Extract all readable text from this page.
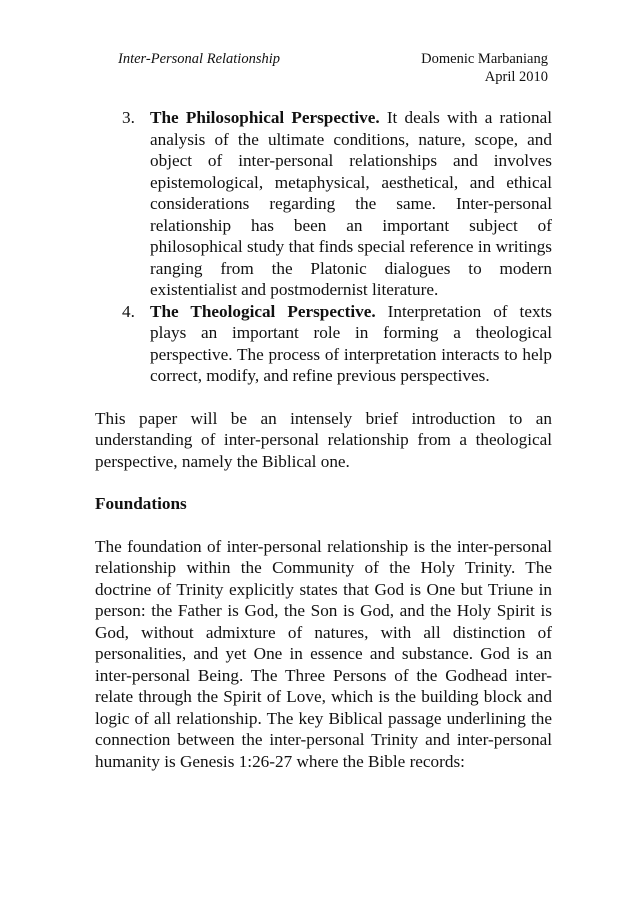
Inter-Personal Relationship	Domenic Marbaniang
April 2010
3. The Philosophical Perspective. It deals with a rational analysis of the ultimate conditions, nature, scope, and object of inter-personal relationships and involves epistemological, metaphysical, aesthetical, and ethical considerations regarding the same. Inter-personal relationship has been an important subject of philosophical study that finds special reference in writings ranging from the Platonic dialogues to modern existentialist and postmodernist literature.
4. The Theological Perspective. Interpretation of texts plays an important role in forming a theological perspective. The process of interpretation interacts to help correct, modify, and refine previous perspectives.
This paper will be an intensely brief introduction to an understanding of inter-personal relationship from a theological perspective, namely the Biblical one.
Foundations
The foundation of inter-personal relationship is the inter-personal relationship within the Community of the Holy Trinity. The doctrine of Trinity explicitly states that God is One but Triune in person: the Father is God, the Son is God, and the Holy Spirit is God, without admixture of natures, with all distinction of personalities, and yet One in essence and substance. God is an inter-personal Being. The Three Persons of the Godhead inter-relate through the Spirit of Love, which is the building block and logic of all relationship. The key Biblical passage underlining the connection between the inter-personal Trinity and inter-personal humanity is Genesis 1:26-27 where the Bible records:
